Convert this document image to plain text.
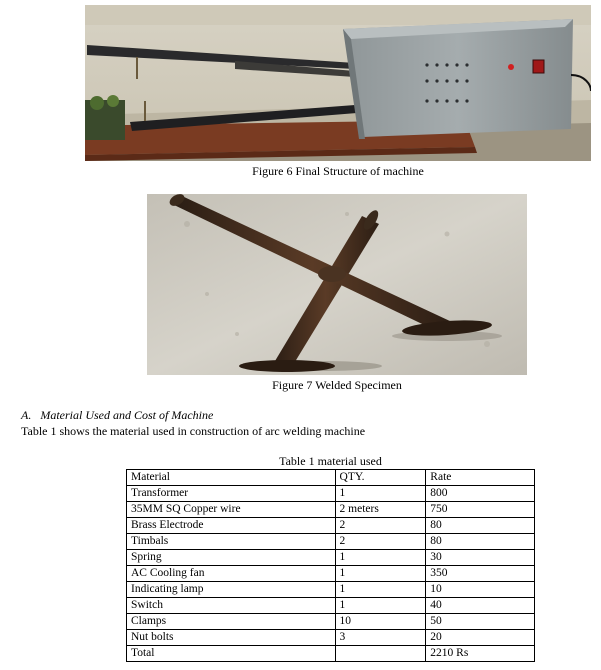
Figure 6 Final Structure of machine
Figure 7 Welded Specimen
A. Material Used and Cost of Machine
Table 1 shows the material used in construction of arc welding machine
Table 1 material used
Material	QTY.	Rate
Transformer	1	800
35MM SQ Copper wire	2 meters	750
Brass Electrode	2	80
Timbals	2	80
Spring	1	30
AC Cooling fan	1	350
Indicating lamp	1	10
Switch	1	40
Clamps	10	50
Nut bolts	3	20
Total		2210 Rs
